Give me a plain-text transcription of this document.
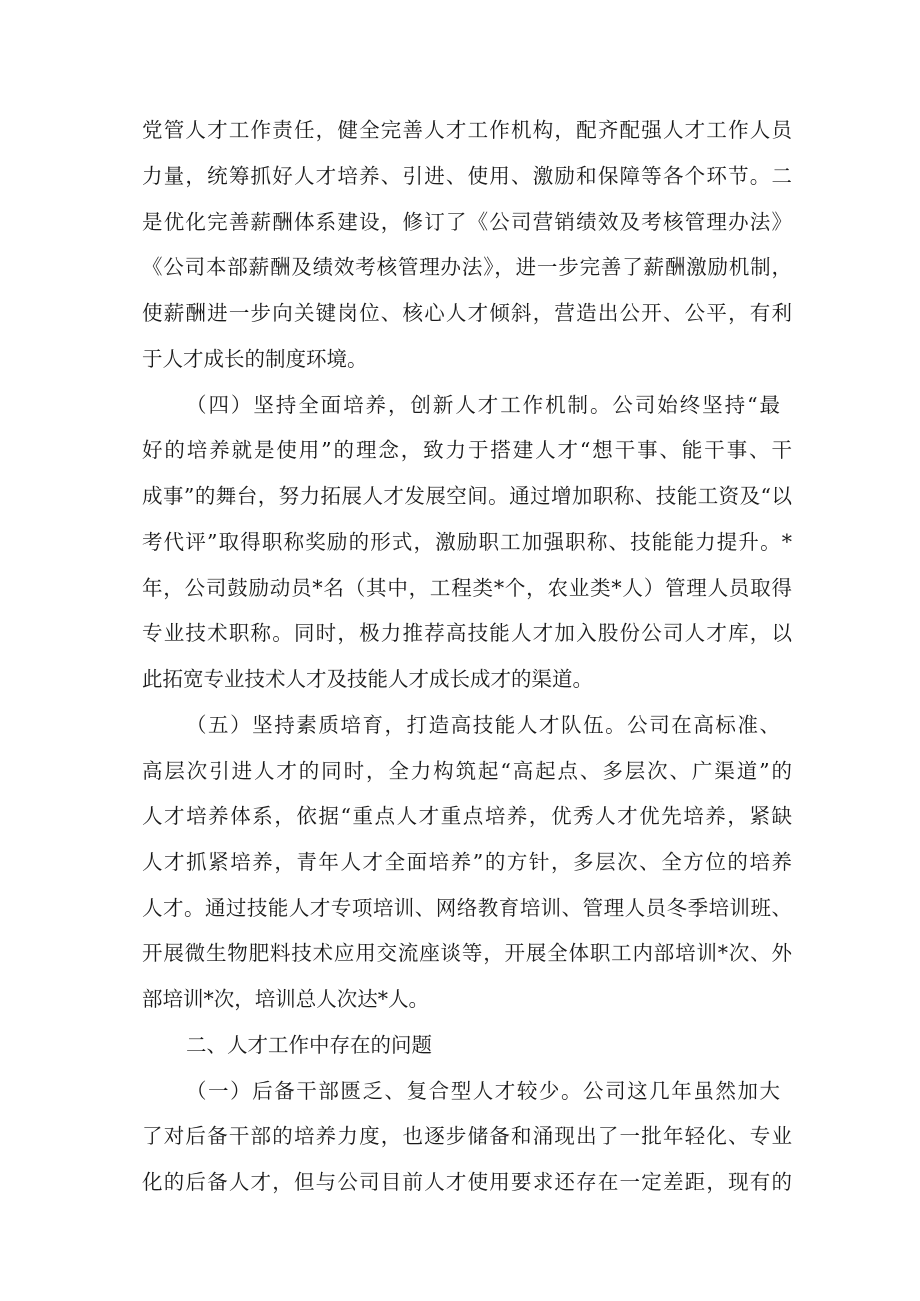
党管人才工作责任，健全完善人才工作机构，配齐配强人才工作人员
力量，统筹抓好人才培养、引进、使用、激励和保障等各个环节。二
是优化完善薪酬体系建设，修订了《公司营销绩效及考核管理办法》
《公司本部薪酬及绩效考核管理办法》，进一步完善了薪酬激励机制，
使薪酬进一步向关键岗位、核心人才倾斜，营造出公开、公平，有利
于人才成长的制度环境。
（四）坚持全面培养，创新人才工作机制。公司始终坚持“最
好的培养就是使用”的理念，致力于搭建人才“想干事、能干事、干
成事”的舞台，努力拓展人才发展空间。通过增加职称、技能工资及“以
考代评”取得职称奖励的形式，激励职工加强职称、技能能力提升。*
年，公司鼓励动员*名（其中，工程类*个，农业类*人）管理人员取得
专业技术职称。同时，极力推荐高技能人才加入股份公司人才库，以
此拓宽专业技术人才及技能人才成长成才的渠道。
（五）坚持素质培育，打造高技能人才队伍。公司在高标准、
高层次引进人才的同时，全力构筑起“高起点、多层次、广渠道”的
人才培养体系，依据“重点人才重点培养，优秀人才优先培养，紧缺
人才抓紧培养，青年人才全面培养”的方针，多层次、全方位的培养
人才。通过技能人才专项培训、网络教育培训、管理人员冬季培训班、
开展微生物肥料技术应用交流座谈等，开展全体职工内部培训*次、外
部培训*次，培训总人次达*人。
二、人才工作中存在的问题
（一）后备干部匮乏、复合型人才较少。公司这几年虽然加大
了对后备干部的培养力度，也逐步储备和涌现出了一批年轻化、专业
化的后备人才，但与公司目前人才使用要求还存在一定差距，现有的
